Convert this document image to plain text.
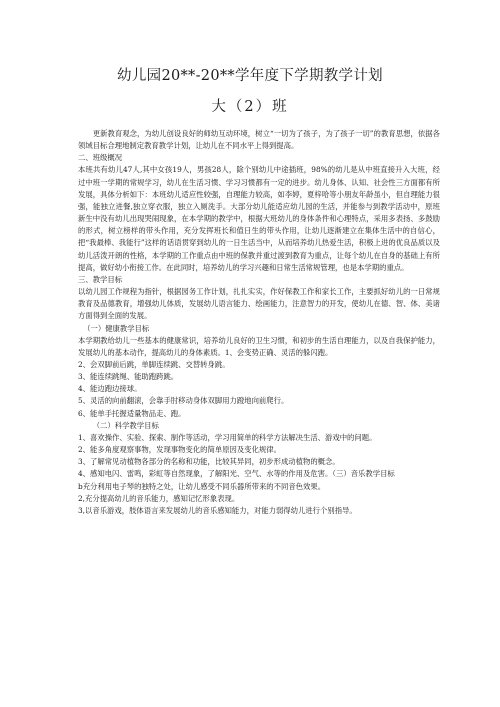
幼儿园20**-20**学年度下学期教学计划
大（2）班

更新教育观念，为幼儿创设良好的师幼互动环境，树立“一切为了孩子，为了孩子一切”的教育思想，依据各领域目标合理地制定教育教学计划，让幼儿在不同水平上得到提高。

二、班级概况

本班共有幼儿47人,其中女孩19人，男孩28人，除个别幼儿中途插班，98%的幼儿是从中班直接升入大班，经过中班一学期的常规学习，幼儿在生活习惯、学习习惯都有一定的进步。幼儿身体、认知、社会性三方面都有所发展，具体分析如下：本班幼儿适应性较强，自理能力较高，如李婷，夏梓哈等小朋友年龄虽小，但自理能力很强，能独立进餐,独立穿衣服，独立入厕洗手。大部分幼儿能适应幼儿园的生活，并能参与到教学活动中，原班新生中没有幼儿出现哭闹现象，在本学期的教学中，根据大班幼儿的身体条件和心理特点，采用多表扬、多鼓励的形式，树立榜样的带头作用，充分发挥班长和值日生的带头作用，让幼儿逐渐建立在集体生活中的自信心，把“我最棒、我能行”这样的话语贯穿到幼儿的一日生活当中，从而培养幼儿热爱生活，积极上进的优良品质以及幼儿活泼开朗的性格，本学期的工作重点由中班的保教并重过渡到教育为重点，让每个幼儿在自身的基础上有所提高，做好幼小衔接工作。在此同时，培养幼儿的学习兴趣和日常生活常规管理，也是本学期的重点。

三、教学目标

以幼儿园工作规程为指针，根据园务工作计划，扎扎实实，作好保教工作和家长工作，主要抓好幼儿的一日常规教育及品德教育，增强幼儿体质，发展幼儿语言能力、绘画能力，注意智力的开发，使幼儿在德、智、体、美诸方面得到全面的发展。

（一）健康教学目标

本学期教给幼儿一些基本的健康常识，培养幼儿良好的卫生习惯，和初步的生活自理能力，以及自我保护能力，发展幼儿的基本动作，提高幼儿的身体素质。1、会变势正确、灵活的躲闪跑。

2、会双脚前后跳，单脚连续跳、交替转身跳。

3、能连续跳绳、能助跑跨跳。

4、能边跑边接球。

5、灵活的向前翻滚，会靠手肘移动身体双脚用力蹬地向前爬行。

6、能单手托握适量物品走、跑。

（二）科学教学目标

1、喜欢操作、实验、探索、制作等活动，学习用简单的科学方法解决生活、游戏中的问题。

2、能多角度观察事物，发现事物变化的简单原因及变化规律。

3、了解常见动植物各部分的名称和功能，比较其异同，初步形成动植物的概念。

4、感知电闪、雷鸣，彩虹等自然现象，了解阳光、空气、水等的作用及危害。（三）音乐教学目标

b充分利用电子琴的独特之处，让幼儿感受不同乐器所带来的不同音色效果。

2,充分提高幼儿的音乐能力，感知记忆形象表现。

3,以音乐游戏，肢体语言来发展幼儿的音乐感知能力，对能力弱得幼儿进行个别指导。
